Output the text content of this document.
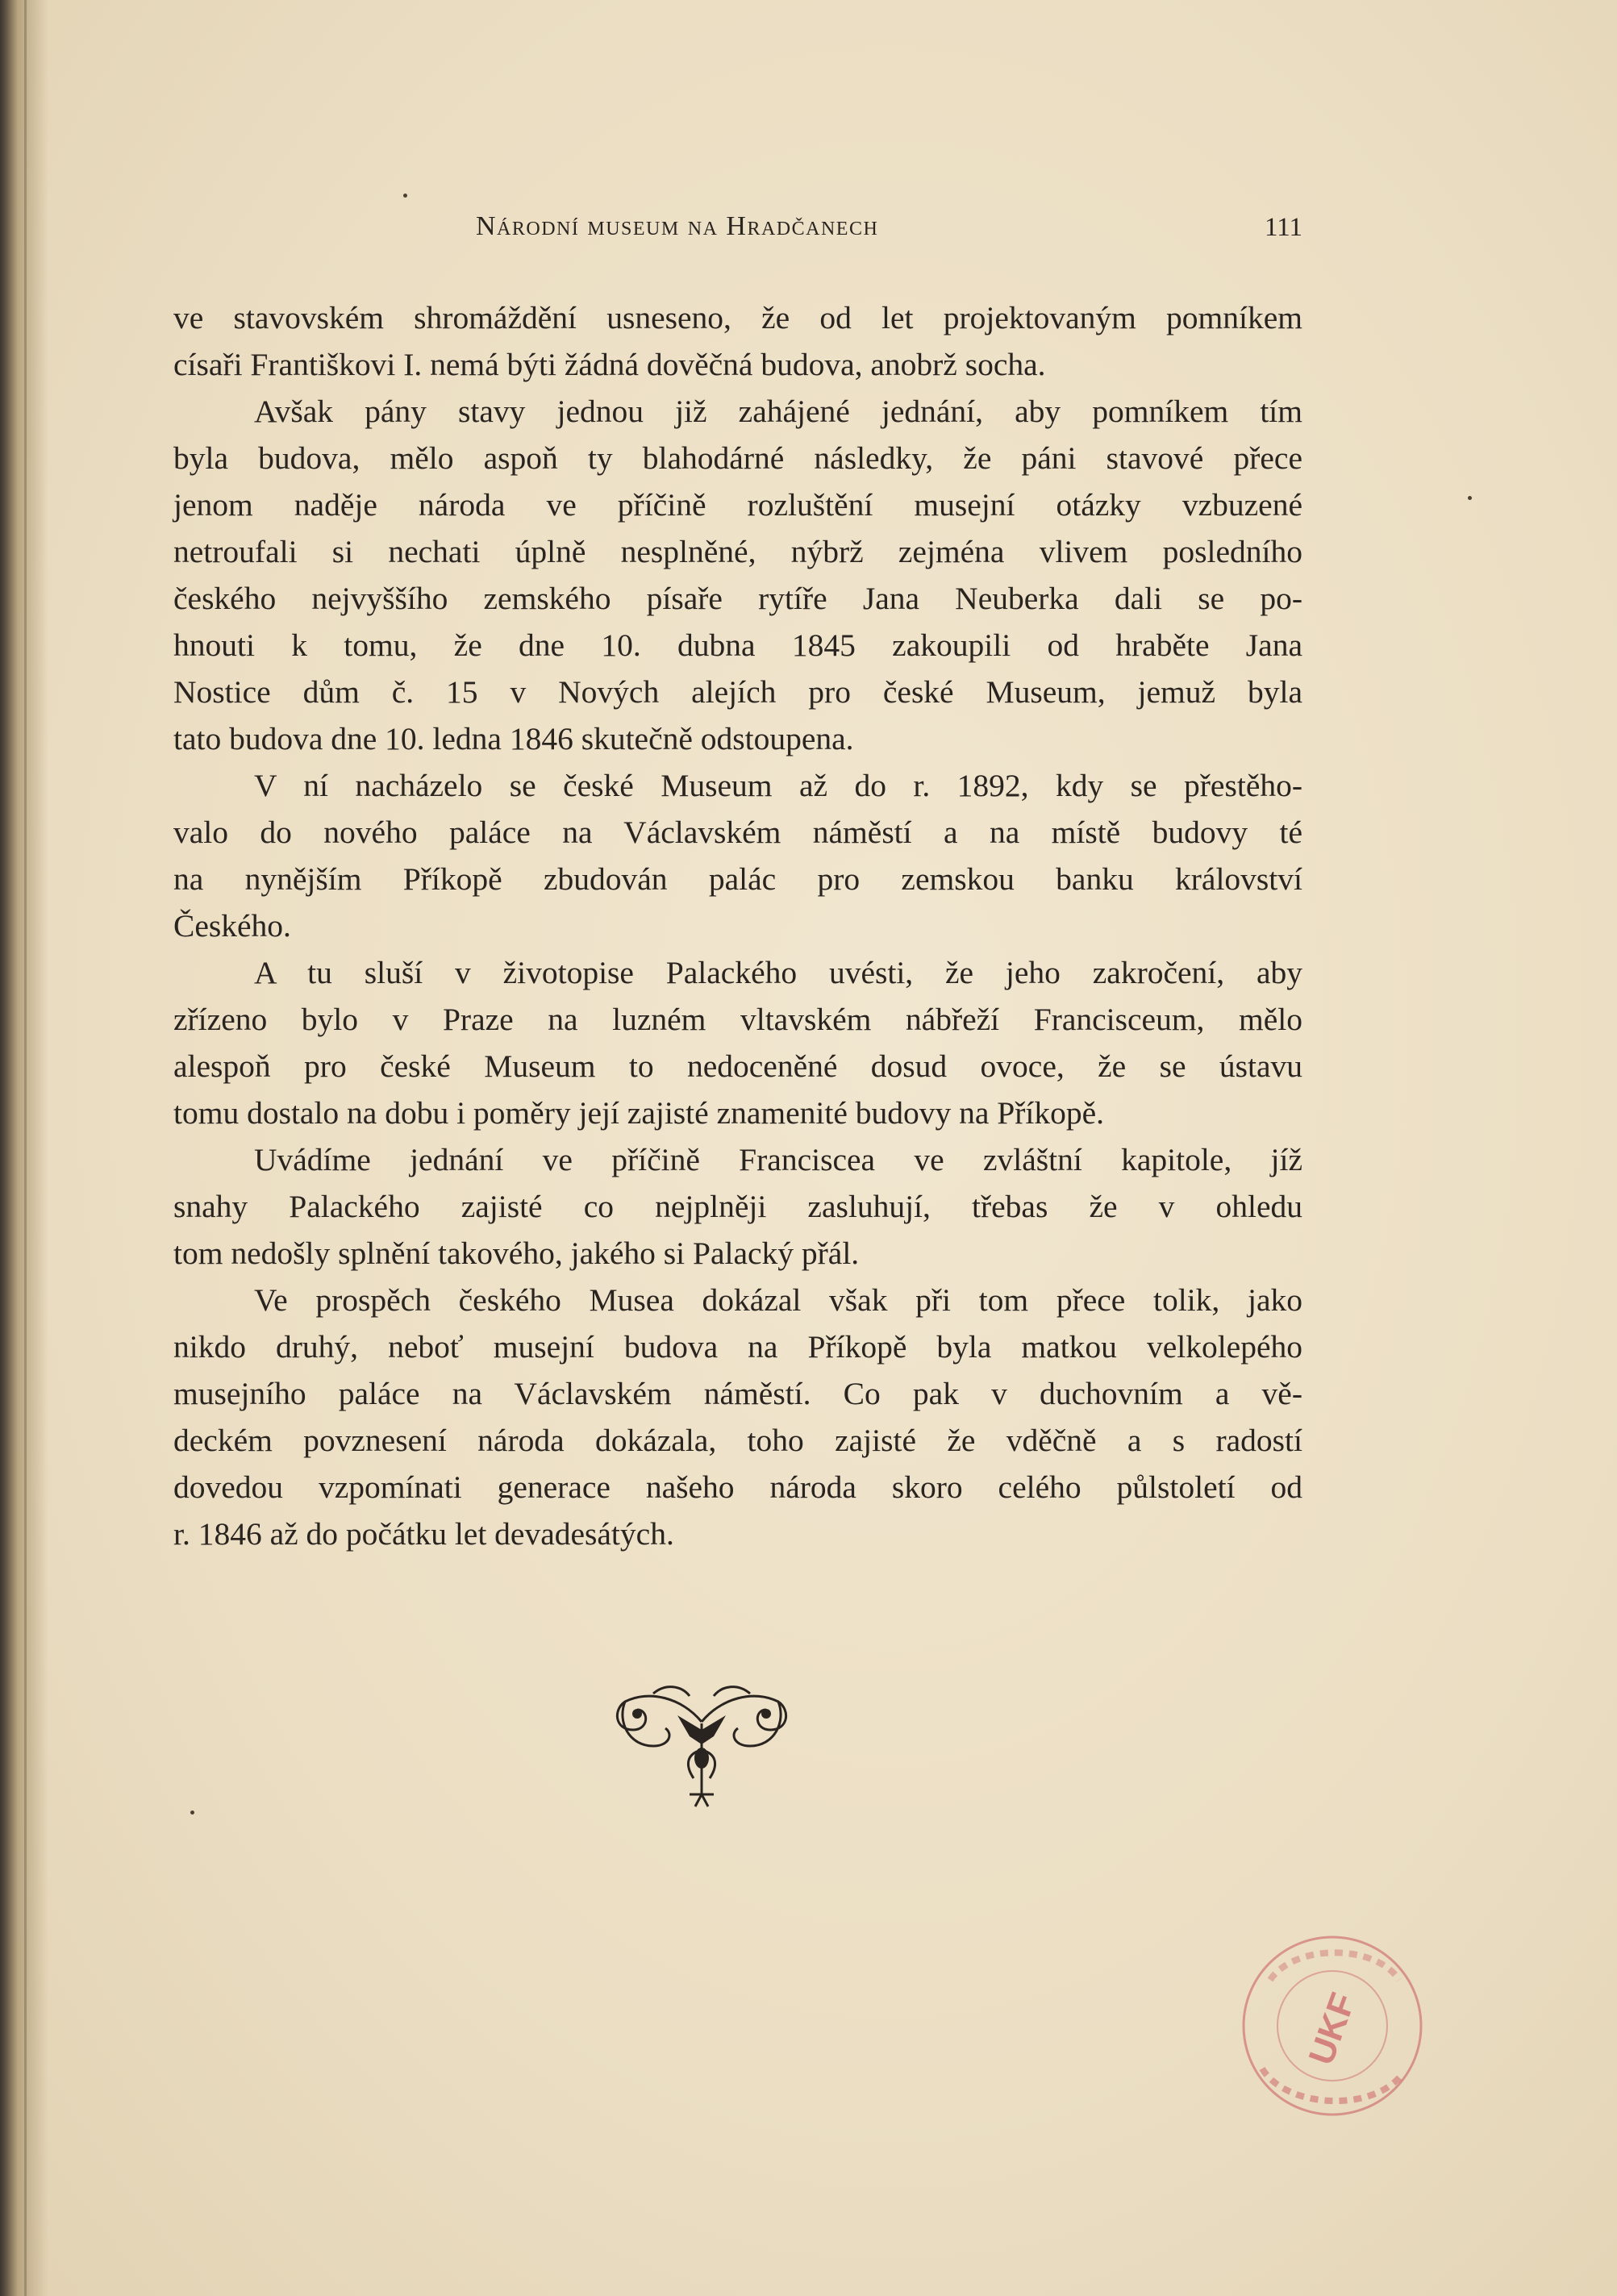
Národní museum na Hradčanech	111

ve stavovském shromáždění usneseno, že od let projektovaným pomníkem

císaři Františkovi I. nemá býti žádná dověčná budova, anobrž socha.

Avšak pány stavy jednou již zahájené jednání, aby pomníkem tím

byla budova, mělo aspoň ty blahodárné následky, že páni stavové přece

jenom naděje národa ve příčině rozluštění musejní otázky vzbuzené

netroufali si nechati úplně nesplněné, nýbrž zejména vlivem posledního

českého nejvyššího zemského písaře rytíře Jana Neuberka dali se po-

hnouti k tomu, že dne 10. dubna 1845 zakoupili od hraběte Jana

Nostice dům č. 15 v Nových alejích pro české Museum, jemuž byla

tato budova dne 10. ledna 1846 skutečně odstoupena.

V ní nacházelo se české Museum až do r. 1892, kdy se přestěho-

valo do nového paláce na Václavském náměstí a na místě budovy té

na nynějším Příkopě zbudován palác pro zemskou banku království

Českého.

A tu sluší v životopise Palackého uvésti, že jeho zakročení, aby

zřízeno bylo v Praze na luzném vltavském nábřeží Francisceum, mělo

alespoň pro české Museum to nedoceněné dosud ovoce, že se ústavu

tomu dostalo na dobu i poměry její zajisté znamenité budovy na Příkopě.

Uvádíme jednání ve příčině Franciscea ve zvláštní kapitole, jíž

snahy Palackého zajisté co nejplněji zasluhují, třebas že v ohledu

tom nedošly splnění takového, jakého si Palacký přál.

Ve prospěch českého Musea dokázal však při tom přece tolik, jako

nikdo druhý, neboť musejní budova na Příkopě byla matkou velkolepého

musejního paláce na Václavském náměstí. Co pak v duchovním a vě-

deckém povznesení národa dokázala, toho zajisté že vděčně a s radostí

dovedou vzpomínati generace našeho národa skoro celého půlstoletí od

r. 1846 až do počátku let devadesátých.

UKF
